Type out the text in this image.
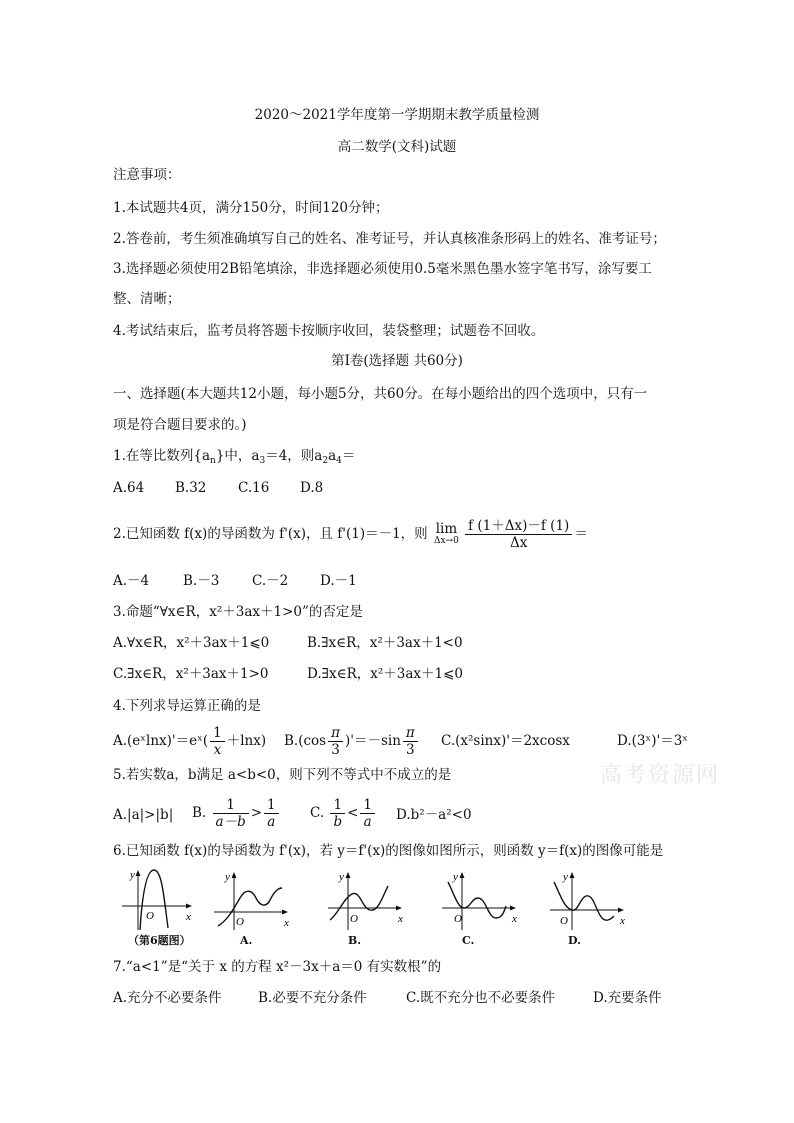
高考资源网
2020～2021学年度第一学期期末教学质量检测
高二数学(文科)试题
注意事项：
1.本试题共4页，满分150分，时间120分钟；
2.答卷前，考生须准确填写自己的姓名、准考证号，并认真核准条形码上的姓名、准考证号；
3.选择题必须使用2B铅笔填涂，非选择题必须使用0.5毫米黑色墨水签字笔书写，涂写要工
整、清晰；
4.考试结束后，监考员将答题卡按顺序收回，装袋整理；试题卷不回收。
第Ⅰ卷(选择题 共60分)
一、选择题(本大题共12小题，每小题5分，共60分。在每小题给出的四个选项中，只有一
项是符合题目要求的。)
1.在等比数列$\{a_n\}$中，$a_3=4$，则$a_2a_4=$
A.64 B.32 C.16 D.8
2.已知函数 f(x)的导函数为 f'(x)，且 f'(1)＝－1，则 lim
Δx→0
$\frac{f (1+\Delta x)-f (1)}{\Delta x}$ ＝
A.－4	B.－3 C.－2 D.－1
3.命题“∀x∈R，x²＋3ax＋1>0”的否定是
A.∀x∈R，x²＋3ax＋1⩽0	B.∃x∈R，x²＋3ax＋1<0
C.∃x∈R，x²＋3ax＋1>0	D.∃x∈R，x²＋3ax＋1⩽0
4.下列求导运算正确的是
A.(eˣlnx)'＝eˣ( $\frac{1}{x} +\ln x$) $B.(\cos \frac{\pi}{3} )'=-\sin \frac{\pi}{3} C.(x^2\sin x)'=2xcosx$	D.(3ˣ)'＝3ˣ
5.若实数a，b满足 a<b<0，则下列不等式中不成立的是
A.|a|>|b| B. $\frac{1}{a-b} > \frac{1}{a} C$. $\frac{1}{b} < \frac{1}{a} D.b^2-a^2<0$
6.已知函数 f(x)的导函数为 f'(x)，若 y＝f'(x)的图像如图所示，则函数 y＝f(x)的图像可能是
y
x
O
（第6题图）
y
x
O
A.
y
x
O
B.
y
x
O
C.
y
x
O
D.
7.“a<1”是“关于 x 的方程 x²－3x＋a＝0 有实数根”的
A.充分不必要条件	B.必要不充分条件	C.既不充分也不必要条件	D.充要条件
